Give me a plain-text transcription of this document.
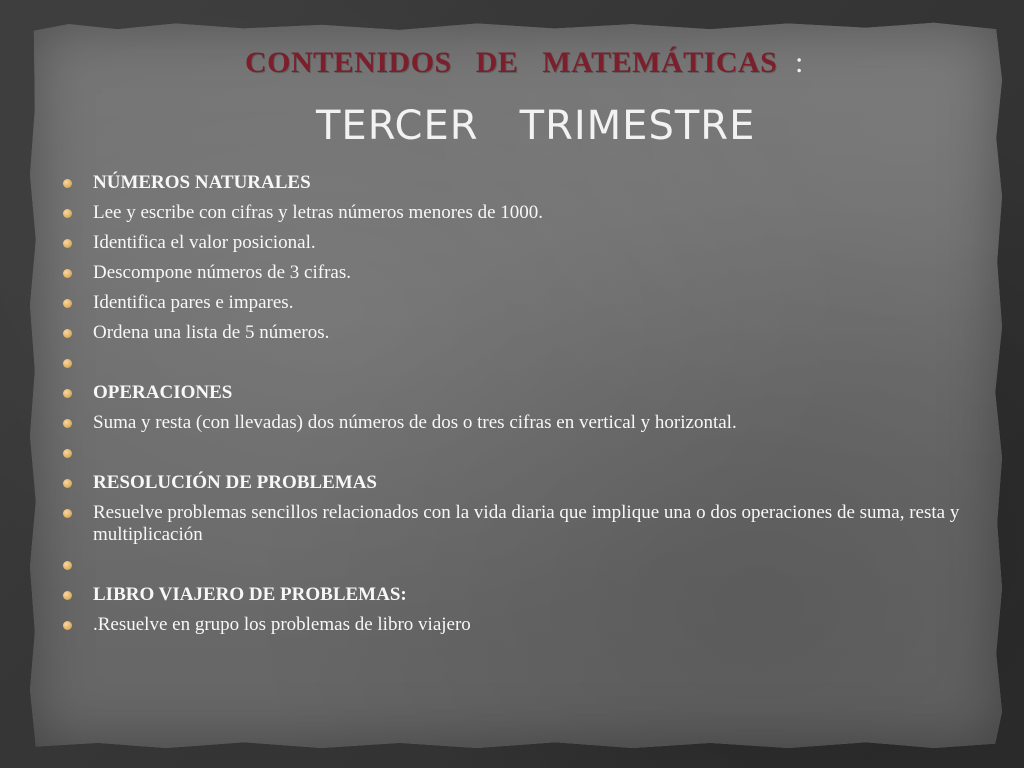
CONTENIDOS   DE   MATEMÁTICAS :
TERCER   TRIMESTRE
NÚMEROS NATURALES
Lee y escribe con cifras y letras números menores de 1000.
Identifica el valor posicional.
Descompone números de 3 cifras.
Identifica pares e impares.
Ordena una lista de 5 números.
OPERACIONES
Suma y resta (con llevadas) dos números de dos o tres cifras en vertical y horizontal.
RESOLUCIÓN DE PROBLEMAS
Resuelve problemas sencillos relacionados con la vida diaria que implique una o dos operaciones de suma, resta y multiplicación
LIBRO VIAJERO DE PROBLEMAS:
.Resuelve en grupo los problemas de libro viajero
